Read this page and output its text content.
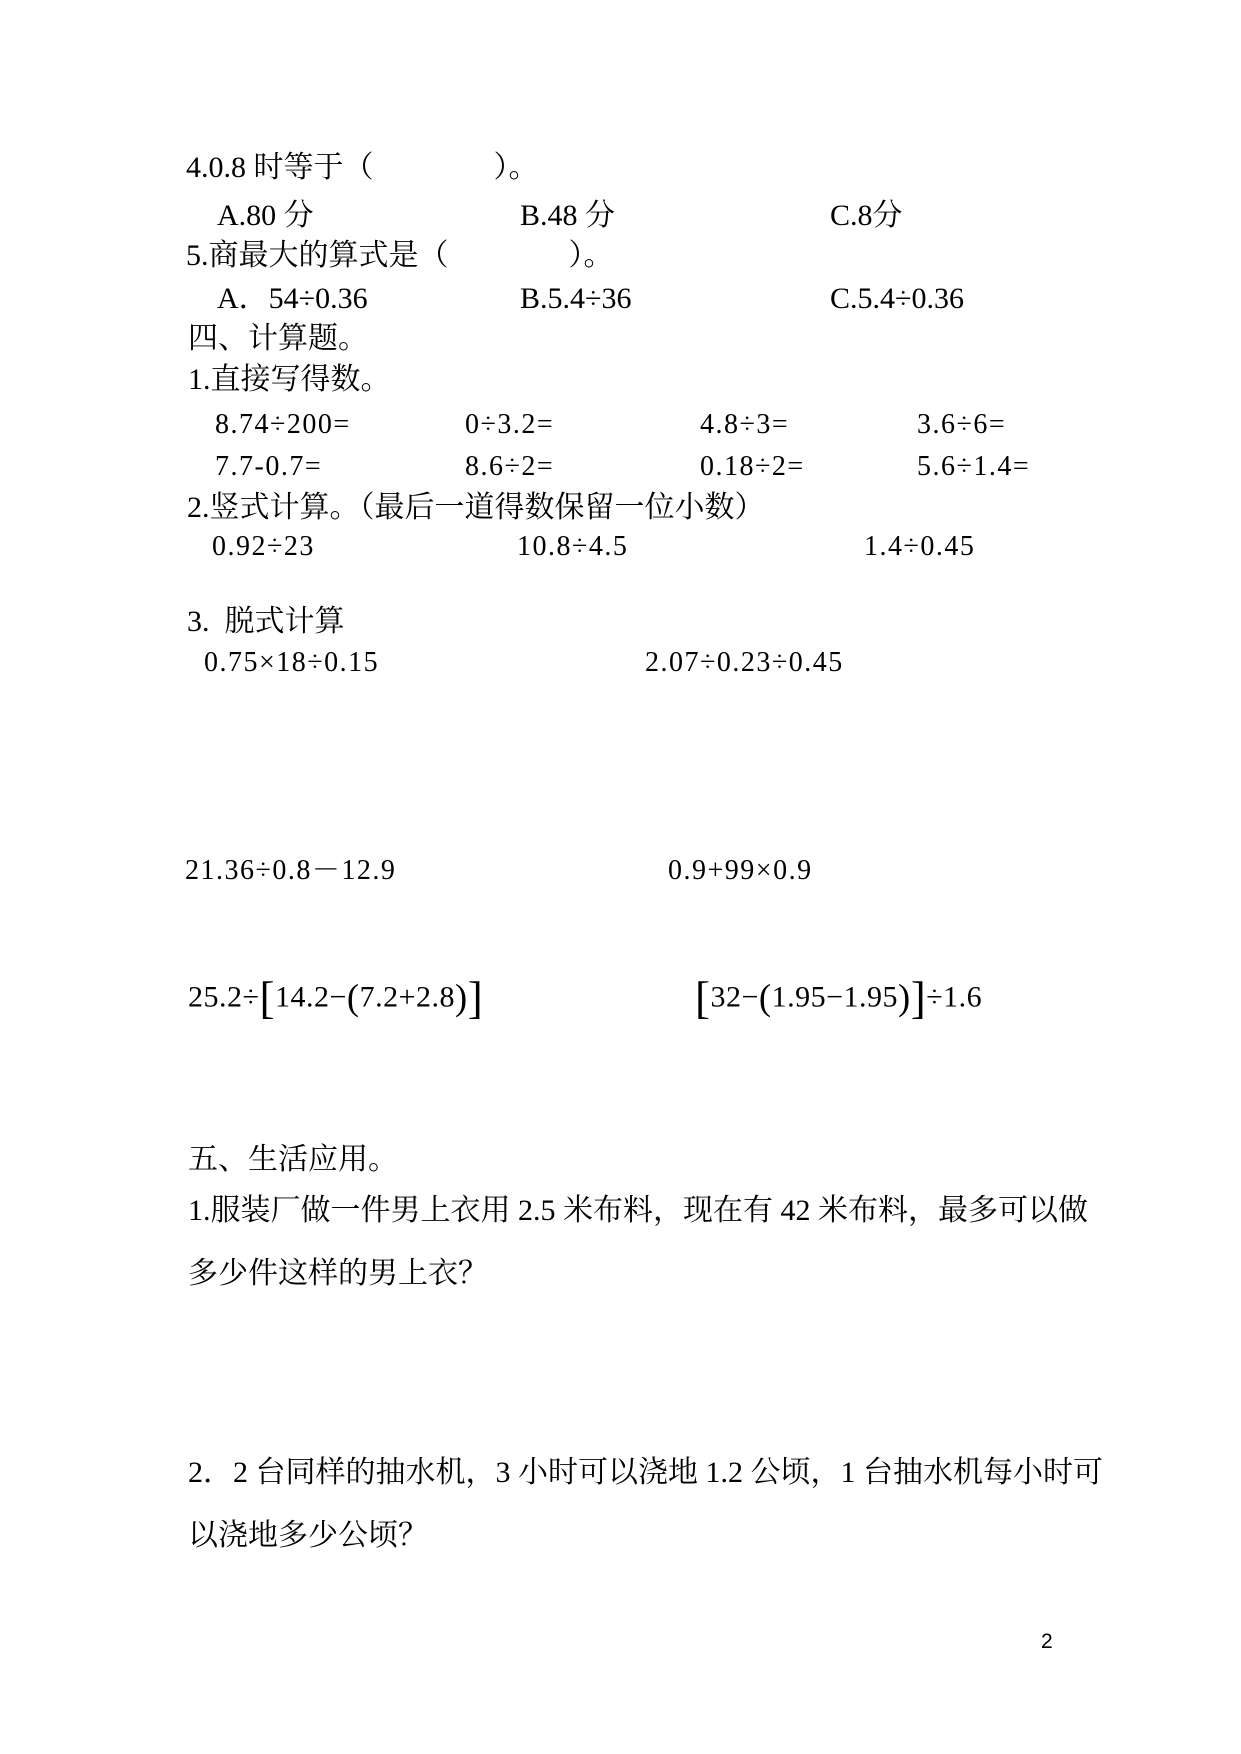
4.0.8 时等于（　　　　）。
A.80 分	B.48 分	C.8分
5.商最大的算式是（　　　　）。
A．54÷0.36	B.5.4÷36	C.5.4÷0.36
四、计算题。
1.直接写得数。
8.74÷200=	0÷3.2=	4.8÷3=	3.6÷6=
7.7-0.7=	8.6÷2=	0.18÷2=	5.6÷1.4=
2.竖式计算。（最后一道得数保留一位小数）
0.92÷23	10.8÷4.5	1.4÷0.45
3.  脱式计算
0.75×18÷0.15	2.07÷0.23÷0.45
21.36÷0.8－12.9	0.9+99×0.9
25.2÷[14.2−(7.2+2.8)]	[32−(1.95−1.95)]÷1.6
五、生活应用。
1.服装厂做一件男上衣用 2.5 米布料，现在有 42 米布料，最多可以做
多少件这样的男上衣？
2．2 台同样的抽水机，3 小时可以浇地 1.2 公顷，1 台抽水机每小时可
以浇地多少公顷？
2
